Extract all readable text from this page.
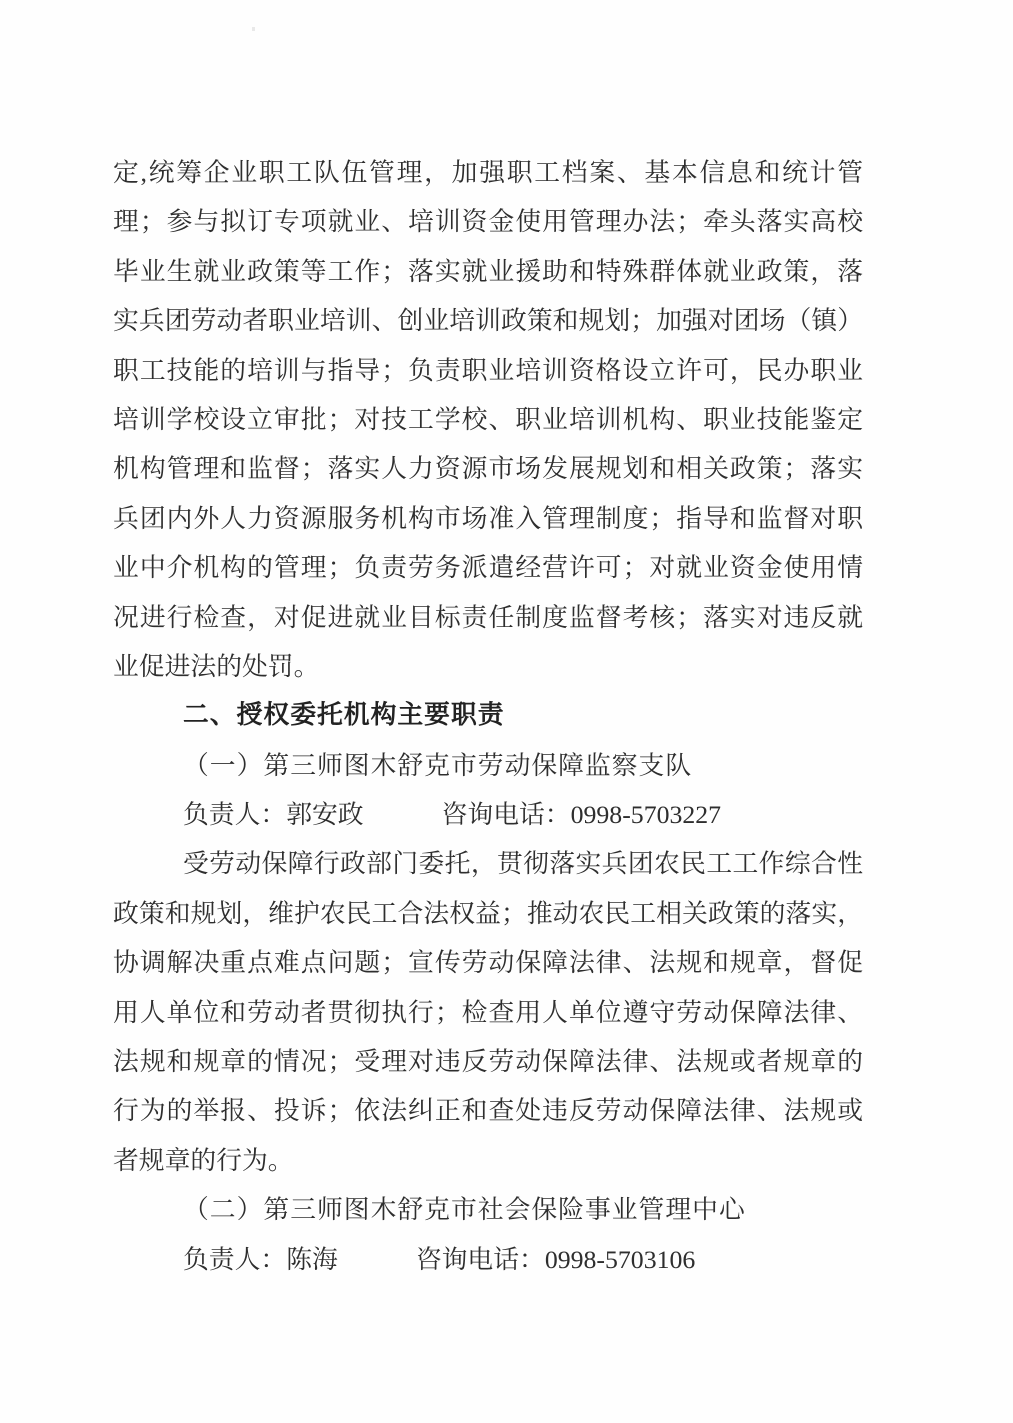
定,统筹企业职工队伍管理，加强职工档案、基本信息和统计管
理；参与拟订专项就业、培训资金使用管理办法；牵头落实高校
毕业生就业政策等工作；落实就业援助和特殊群体就业政策，落
实兵团劳动者职业培训、创业培训政策和规划；加强对团场（镇）
职工技能的培训与指导；负责职业培训资格设立许可，民办职业
培训学校设立审批；对技工学校、职业培训机构、职业技能鉴定
机构管理和监督；落实人力资源市场发展规划和相关政策；落实
兵团内外人力资源服务机构市场准入管理制度；指导和监督对职
业中介机构的管理；负责劳务派遣经营许可；对就业资金使用情
况进行检查，对促进就业目标责任制度监督考核；落实对违反就
业促进法的处罚。
二、授权委托机构主要职责
（一）第三师图木舒克市劳动保障监察支队
负责人：郭安政	咨询电话：0998-5703227
受劳动保障行政部门委托，贯彻落实兵团农民工工作综合性
政策和规划，维护农民工合法权益；推动农民工相关政策的落实，
协调解决重点难点问题；宣传劳动保障法律、法规和规章，督促
用人单位和劳动者贯彻执行；检查用人单位遵守劳动保障法律、
法规和规章的情况；受理对违反劳动保障法律、法规或者规章的
行为的举报、投诉；依法纠正和查处违反劳动保障法律、法规或
者规章的行为。
（二）第三师图木舒克市社会保险事业管理中心
负责人：陈海	咨询电话：0998-5703106
